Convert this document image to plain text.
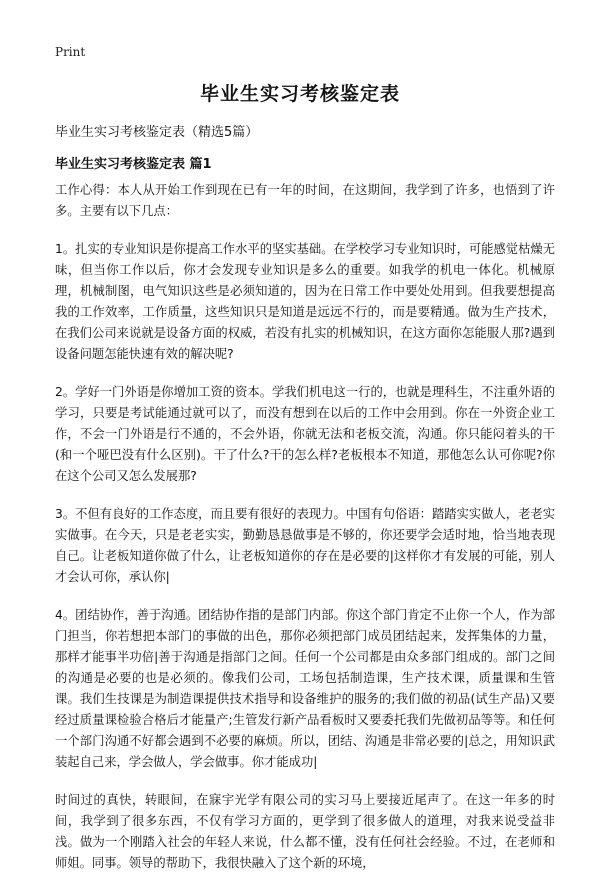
Print
毕业生实习考核鉴定表

毕业生实习考核鉴定表（精选5篇）

毕业生实习考核鉴定表 篇1

工作心得：本人从开始工作到现在已有一年的时间，在这期间，我学到了许多，也悟到了许多。主要有以下几点：

1。扎实的专业知识是你提高工作水平的坚实基础。在学校学习专业知识时，可能感觉枯燥无味，但当你工作以后，你才会发现专业知识是多么的重要。如我学的机电一体化。机械原理，机械制图，电气知识这些是必须知道的，因为在日常工作中要处处用到。但我要想提高我的工作效率，工作质量，这些知识只是知道是远远不行的，而是要精通。做为生产技术，在我们公司来说就是设备方面的权威，若没有扎实的机械知识，在这方面你怎能服人那?遇到设备问题怎能快速有效的解决呢?

2。学好一门外语是你增加工资的资本。学我们机电这一行的，也就是理科生，不注重外语的学习，只要是考试能通过就可以了，而没有想到在以后的工作中会用到。你在一外资企业工作，不会一门外语是行不通的，不会外语，你就无法和老板交流，沟通。你只能闷着头的干(和一个哑巴没有什么区别)。干了什么?干的怎么样?老板根本不知道，那他怎么认可你呢?你在这个公司又怎么发展那?

3。不但有良好的工作态度，而且要有很好的表现力。中国有句俗语：踏踏实实做人，老老实实做事。在今天，只是老老实实，勤勤恳恳做事是不够的，你还要学会适时地，恰当地表现自己。让老板知道你做了什么，让老板知道你的存在是必要的|这样你才有发展的可能，别人才会认可你，承认你|

4。团结协作，善于沟通。团结协作指的是部门内部。你这个部门肯定不止你一个人，作为部门担当，你若想把本部门的事做的出色，那你必须把部门成员团结起来，发挥集体的力量，那样才能事半功倍|善于沟通是指部门之间。任何一个公司都是由众多部门组成的。部门之间的沟通是必要的也是必须的。像我们公司，工场包括制造课，生产技术课，质量课和生管课。我们生技课是为制造课提供技术指导和设备维护的服务的;我们做的初品(试生产品)又要经过质量课检验合格后才能量产;生管发行新产品看板时又要委托我们先做初品等等。和任何一个部门沟通不好都会遇到不必要的麻烦。所以，团结、沟通是非常必要的|总之，用知识武装起自己来，学会做人，学会做事。你才能成功|

时间过的真快，转眼间，在寐宇光学有限公司的实习马上要接近尾声了。在这一年多的时间，我学到了很多东西，不仅有学习方面的，更学到了很多做人的道理，对我来说受益非浅。做为一个刚踏入社会的年轻人来说，什么都不懂，没有任何社会经验。不过，在老师和师姐。同事。领导的帮助下，我很快融入了这个新的环境，
